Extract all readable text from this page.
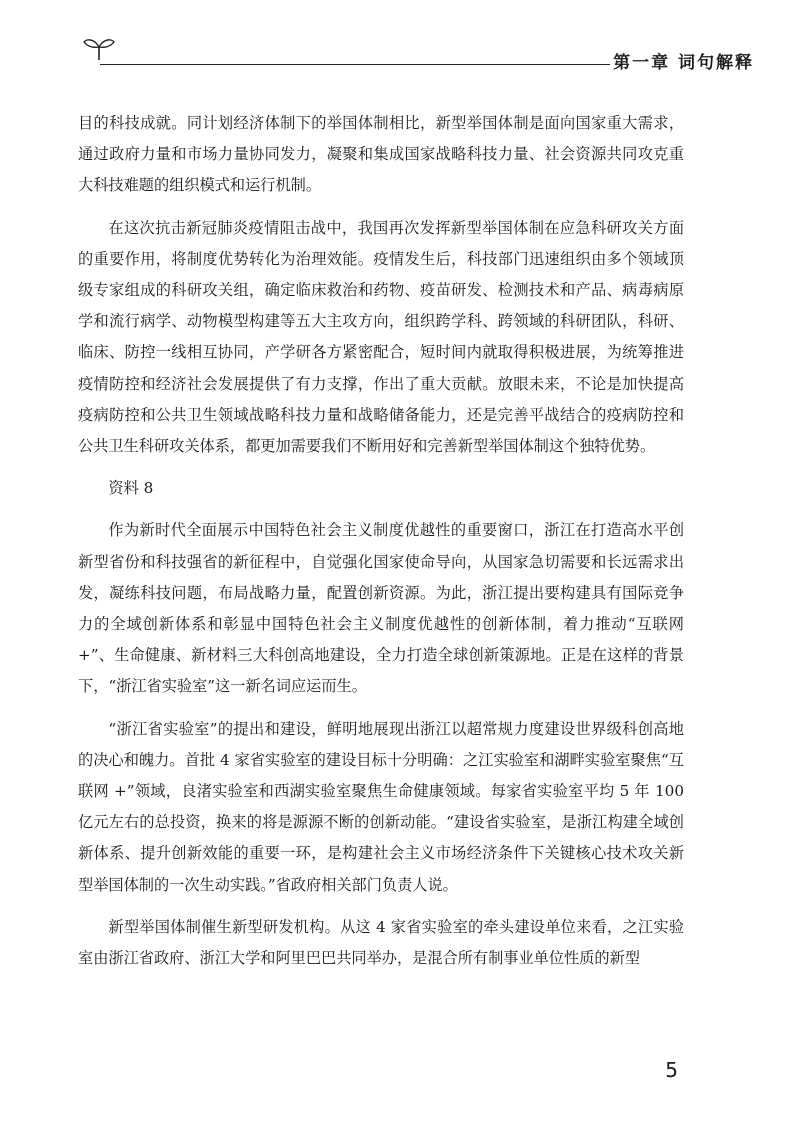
第一章 词句解释

目的科技成就。同计划经济体制下的举国体制相比，新型举国体制是面向国家重大需求，通过政府力量和市场力量协同发力，凝聚和集成国家战略科技力量、社会资源共同攻克重大科技难题的组织模式和运行机制。

在这次抗击新冠肺炎疫情阻击战中，我国再次发挥新型举国体制在应急科研攻关方面的重要作用，将制度优势转化为治理效能。疫情发生后，科技部门迅速组织由多个领域顶级专家组成的科研攻关组，确定临床救治和药物、疫苗研发、检测技术和产品、病毒病原学和流行病学、动物模型构建等五大主攻方向，组织跨学科、跨领域的科研团队，科研、临床、防控一线相互协同，产学研各方紧密配合，短时间内就取得积极进展，为统筹推进疫情防控和经济社会发展提供了有力支撑，作出了重大贡献。放眼未来，不论是加快提高疫病防控和公共卫生领域战略科技力量和战略储备能力，还是完善平战结合的疫病防控和公共卫生科研攻关体系，都更加需要我们不断用好和完善新型举国体制这个独特优势。

资料 8

作为新时代全面展示中国特色社会主义制度优越性的重要窗口，浙江在打造高水平创新型省份和科技强省的新征程中，自觉强化国家使命导向，从国家急切需要和长远需求出发，凝练科技问题，布局战略力量，配置创新资源。为此，浙江提出要构建具有国际竞争力的全域创新体系和彰显中国特色社会主义制度优越性的创新体制，着力推动“互联网 +”、生命健康、新材料三大科创高地建设，全力打造全球创新策源地。正是在这样的背景下，“浙江省实验室”这一新名词应运而生。

“浙江省实验室”的提出和建设，鲜明地展现出浙江以超常规力度建设世界级科创高地的决心和魄力。首批 4 家省实验室的建设目标十分明确：之江实验室和湖畔实验室聚焦“互联网 +”领域，良渚实验室和西湖实验室聚焦生命健康领域。每家省实验室平均 5 年 100 亿元左右的总投资，换来的将是源源不断的创新动能。“建设省实验室，是浙江构建全域创新体系、提升创新效能的重要一环，是构建社会主义市场经济条件下关键核心技术攻关新型举国体制的一次生动实践。”省政府相关部门负责人说。

新型举国体制催生新型研发机构。从这 4 家省实验室的牵头建设单位来看，之江实验室由浙江省政府、浙江大学和阿里巴巴共同举办，是混合所有制事业单位性质的新型

5
